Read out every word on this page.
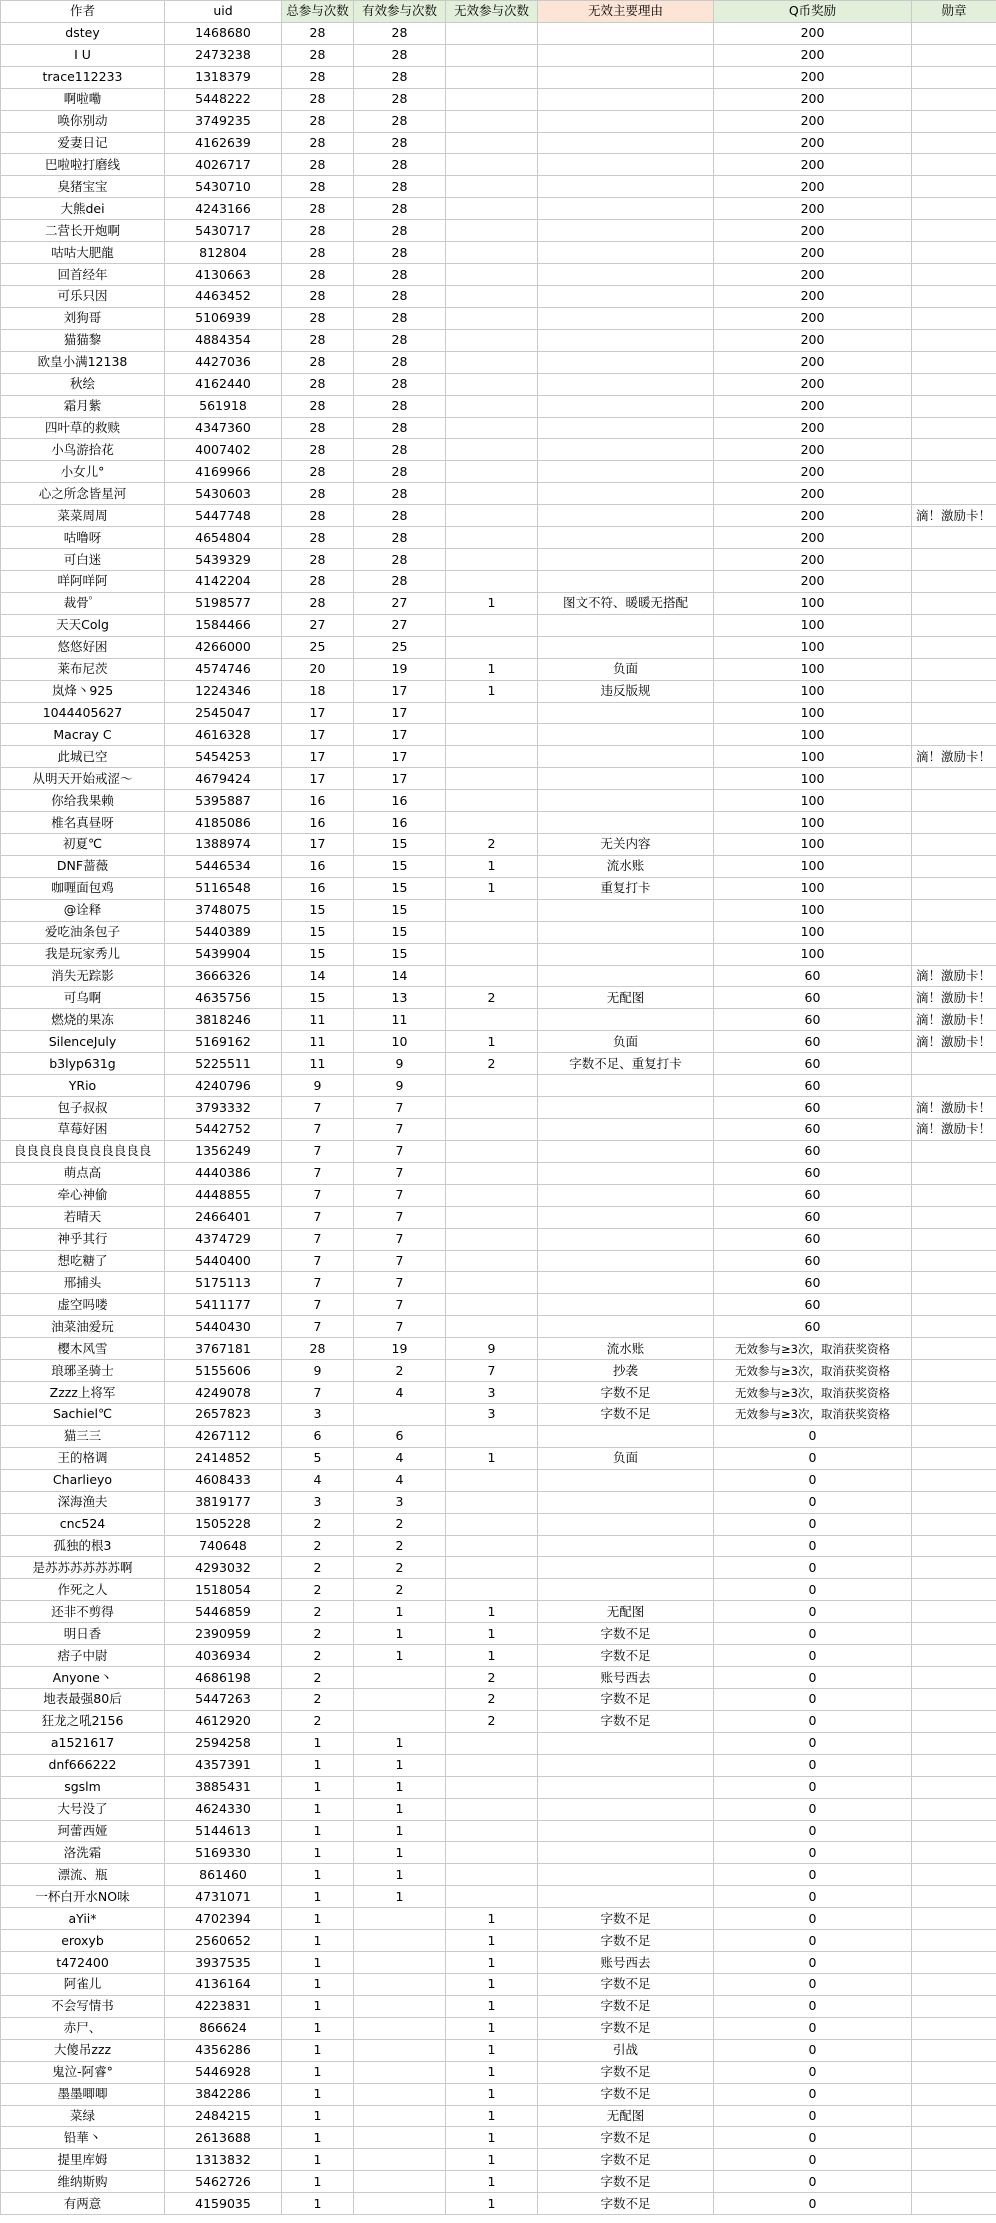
作者	uid	总参与次数	有效参与次数	无效参与次数	无效主要理由	Q币奖励	勋章
dstey	1468680	28	28			200	
I U	2473238	28	28			200	
trace112233	1318379	28	28			200	
啊啦嘞	5448222	28	28			200	
唤你别动	3749235	28	28			200	
爱妻日记	4162639	28	28			200	
巴啦啦打磨线	4026717	28	28			200	
臭猪宝宝	5430710	28	28			200	
大熊dei	4243166	28	28			200	
二营长开炮啊	5430717	28	28			200	
咕咕大肥龍	812804	28	28			200	
回首经年	4130663	28	28			200	
可乐只因	4463452	28	28			200	
刘狗哥	5106939	28	28			200	
猫猫黎	4884354	28	28			200	
欧皇小满12138	4427036	28	28			200	
秋绘	4162440	28	28			200	
霜月紫	561918	28	28			200	
四叶草的救赎	4347360	28	28			200	
小鸟游拾花	4007402	28	28			200	
小女儿°	4169966	28	28			200	
心之所念皆星河	5430603	28	28			200	
菜菜周周	5447748	28	28			200	滴！激励卡！
咕噜呀	4654804	28	28			200	
可白迷	5439329	28	28			200	
咩阿咩阿	4142204	28	28			200	
裁骨゜	5198577	28	27	1	图文不符、暖暖无搭配	100	
天天Colg	1584466	27	27			100	
悠悠好困	4266000	25	25			100	
莱布尼茨	4574746	20	19	1	负面	100	
岚烽丶925	1224346	18	17	1	违反版规	100	
1044405627	2545047	17	17			100	
Macray C	4616328	17	17			100	
此城已空	5454253	17	17			100	滴！激励卡！
从明天开始戒涩～	4679424	17	17			100	
你给我果赖	5395887	16	16			100	
椎名真昼呀	4185086	16	16			100	
初夏℃	1388974	17	15	2	无关内容	100	
DNF蔷薇	5446534	16	15	1	流水账	100	
咖喱面包鸡	5116548	16	15	1	重复打卡	100	
@诠释	3748075	15	15			100	
爱吃油条包子	5440389	15	15			100	
我是玩家秀儿	5439904	15	15			100	
消失无踪影	3666326	14	14			60	滴！激励卡！
可乌啊	4635756	15	13	2	无配图	60	滴！激励卡！
燃烧的果冻	3818246	11	11			60	滴！激励卡！
SilenceJuly	5169162	11	10	1	负面	60	滴！激励卡！
b3lyp631g	5225511	11	9	2	字数不足、重复打卡	60	
YRio	4240796	9	9			60	
包子叔叔	3793332	7	7			60	滴！激励卡！
草莓好困	5442752	7	7			60	滴！激励卡！
良良良良良良良良良良良	1356249	7	7			60	
萌点高	4440386	7	7			60	
牵心神偷	4448855	7	7			60	
若晴天	2466401	7	7			60	
神乎其行	4374729	7	7			60	
想吃糖了	5440400	7	7			60	
邢捕头	5175113	7	7			60	
虚空吗喽	5411177	7	7			60	
油菜油爱玩	5440430	7	7			60	
樱木风雪	3767181	28	19	9	流水账	无效参与≥3次，取消获奖资格	
琅琊圣骑士	5155606	9	2	7	抄袭	无效参与≥3次，取消获奖资格	
Zzzz上将军	4249078	7	4	3	字数不足	无效参与≥3次，取消获奖资格	
Sachiel℃	2657823	3		3	字数不足	无效参与≥3次，取消获奖资格	
猫三三	4267112	6	6			0	
王的格调	2414852	5	4	1	负面	0	
Charlieyo	4608433	4	4			0	
深海渔夫	3819177	3	3			0	
cnc524	1505228	2	2			0	
孤独的根3	740648	2	2			0	
是苏苏苏苏苏苏啊	4293032	2	2			0	
作死之人	1518054	2	2			0	
还非不剪得	5446859	2	1	1	无配图	0	
明日香	2390959	2	1	1	字数不足	0	
痞子中尉	4036934	2	1	1	字数不足	0	
Anyone丶	4686198	2		2	账号西去	0	
地表最强80后	5447263	2		2	字数不足	0	
狂龙之吼2156	4612920	2		2	字数不足	0	
a1521617	2594258	1	1			0	
dnf666222	4357391	1	1			0	
sgslm	3885431	1	1			0	
大号没了	4624330	1	1			0	
珂蕾西娅	5144613	1	1			0	
洛洗霜	5169330	1	1			0	
漂流、瓶	861460	1	1			0	
一杯白开水NO味	4731071	1	1			0	
aYii*	4702394	1		1	字数不足	0	
eroxyb	2560652	1		1	字数不足	0	
t472400	3937535	1		1	账号西去	0	
阿雀儿	4136164	1		1	字数不足	0	
不会写情书	4223831	1		1	字数不足	0	
赤尸、	866624	1		1	字数不足	0	
大傻吊zzz	4356286	1		1	引战	0	
鬼泣-阿睿°	5446928	1		1	字数不足	0	
墨墨唧唧	3842286	1		1	字数不足	0	
菜绿	2484215	1		1	无配图	0	
铅華丶	2613688	1		1	字数不足	0	
提里库姆	1313832	1		1	字数不足	0	
维纳斯购	5462726	1		1	字数不足	0	
有两意	4159035	1		1	字数不足	0	
